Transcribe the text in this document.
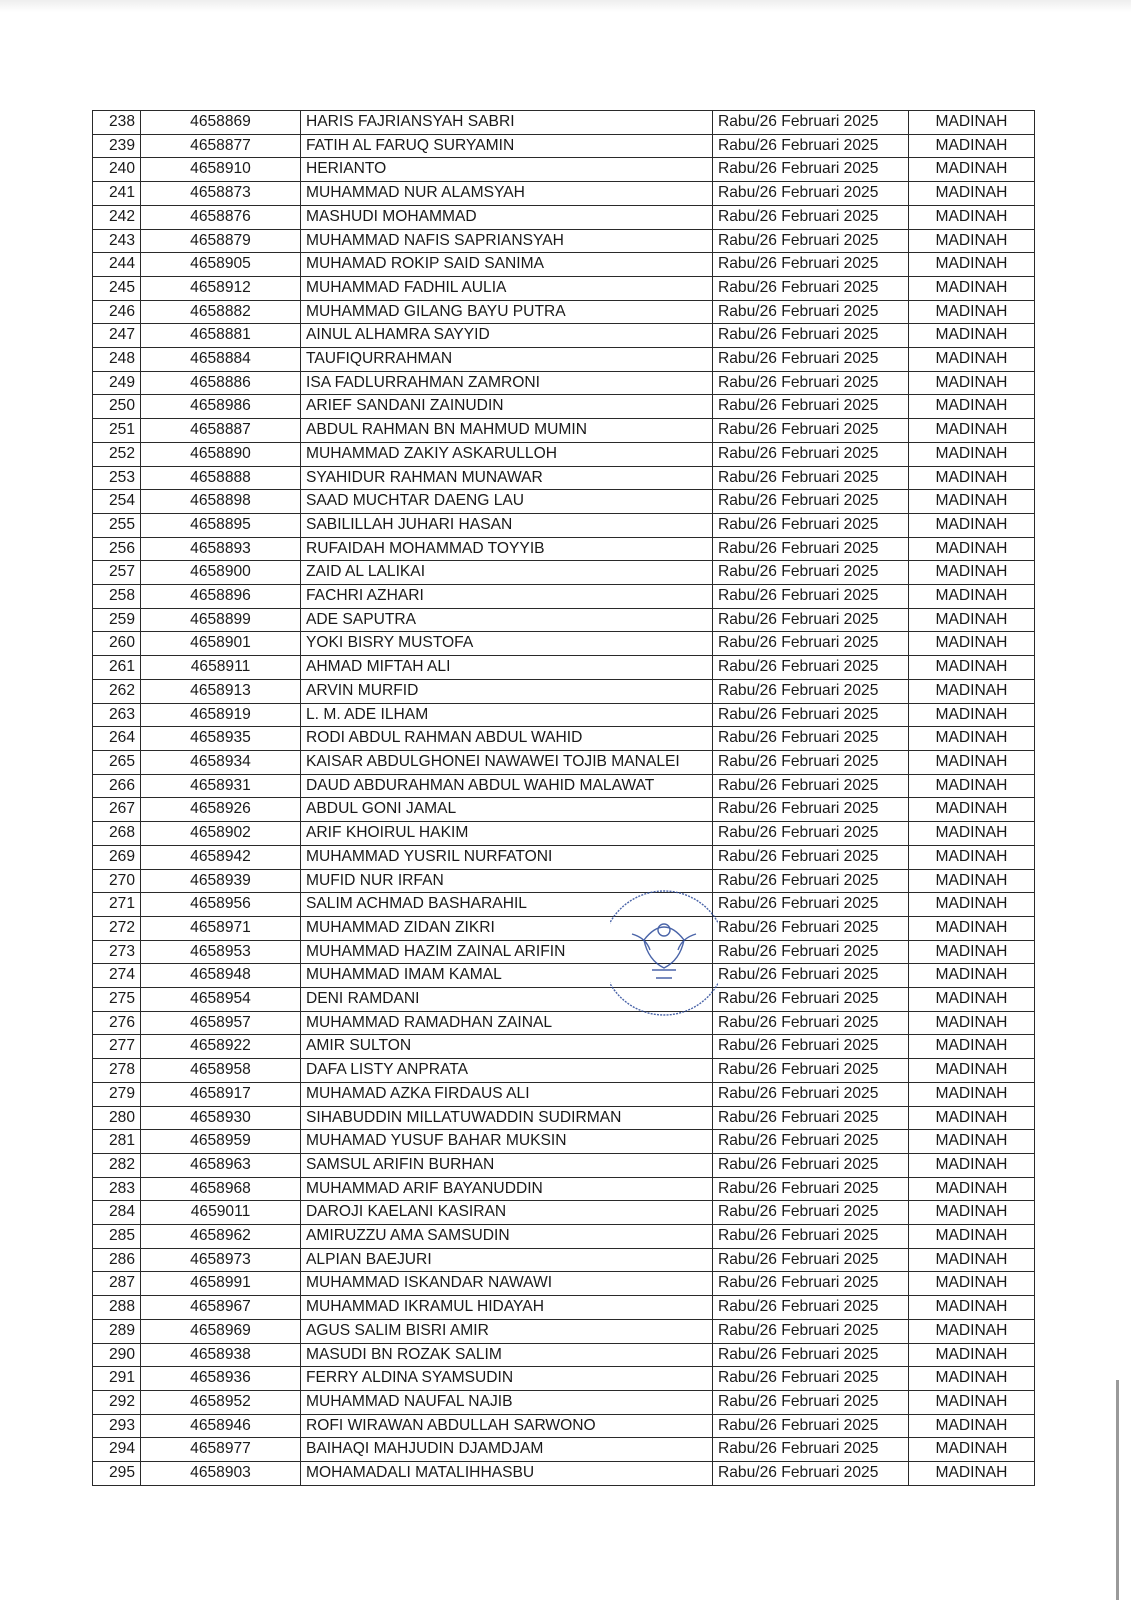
238	4658869	HARIS FAJRIANSYAH SABRI	Rabu/26 Februari 2025	MADINAH
239	4658877	FATIH AL FARUQ SURYAMIN	Rabu/26 Februari 2025	MADINAH
240	4658910	HERIANTO	Rabu/26 Februari 2025	MADINAH
241	4658873	MUHAMMAD NUR ALAMSYAH	Rabu/26 Februari 2025	MADINAH
242	4658876	MASHUDI MOHAMMAD	Rabu/26 Februari 2025	MADINAH
243	4658879	MUHAMMAD NAFIS SAPRIANSYAH	Rabu/26 Februari 2025	MADINAH
244	4658905	MUHAMAD ROKIP SAID SANIMA	Rabu/26 Februari 2025	MADINAH
245	4658912	MUHAMMAD FADHIL AULIA	Rabu/26 Februari 2025	MADINAH
246	4658882	MUHAMMAD GILANG BAYU PUTRA	Rabu/26 Februari 2025	MADINAH
247	4658881	AINUL ALHAMRA SAYYID	Rabu/26 Februari 2025	MADINAH
248	4658884	TAUFIQURRAHMAN	Rabu/26 Februari 2025	MADINAH
249	4658886	ISA FADLURRAHMAN ZAMRONI	Rabu/26 Februari 2025	MADINAH
250	4658986	ARIEF SANDANI ZAINUDIN	Rabu/26 Februari 2025	MADINAH
251	4658887	ABDUL RAHMAN BN MAHMUD MUMIN	Rabu/26 Februari 2025	MADINAH
252	4658890	MUHAMMAD ZAKIY ASKARULLOH	Rabu/26 Februari 2025	MADINAH
253	4658888	SYAHIDUR RAHMAN MUNAWAR	Rabu/26 Februari 2025	MADINAH
254	4658898	SAAD MUCHTAR DAENG LAU	Rabu/26 Februari 2025	MADINAH
255	4658895	SABILILLAH JUHARI HASAN	Rabu/26 Februari 2025	MADINAH
256	4658893	RUFAIDAH MOHAMMAD TOYYIB	Rabu/26 Februari 2025	MADINAH
257	4658900	ZAID AL LALIKAI	Rabu/26 Februari 2025	MADINAH
258	4658896	FACHRI AZHARI	Rabu/26 Februari 2025	MADINAH
259	4658899	ADE SAPUTRA	Rabu/26 Februari 2025	MADINAH
260	4658901	YOKI BISRY MUSTOFA	Rabu/26 Februari 2025	MADINAH
261	4658911	AHMAD MIFTAH ALI	Rabu/26 Februari 2025	MADINAH
262	4658913	ARVIN MURFID	Rabu/26 Februari 2025	MADINAH
263	4658919	L. M. ADE ILHAM	Rabu/26 Februari 2025	MADINAH
264	4658935	RODI ABDUL RAHMAN ABDUL WAHID	Rabu/26 Februari 2025	MADINAH
265	4658934	KAISAR ABDULGHONEI NAWAWEI TOJIB MANALEI	Rabu/26 Februari 2025	MADINAH
266	4658931	DAUD ABDURAHMAN ABDUL WAHID MALAWAT	Rabu/26 Februari 2025	MADINAH
267	4658926	ABDUL GONI JAMAL	Rabu/26 Februari 2025	MADINAH
268	4658902	ARIF KHOIRUL HAKIM	Rabu/26 Februari 2025	MADINAH
269	4658942	MUHAMMAD YUSRIL NURFATONI	Rabu/26 Februari 2025	MADINAH
270	4658939	MUFID NUR IRFAN	Rabu/26 Februari 2025	MADINAH
271	4658956	SALIM ACHMAD BASHARAHIL	Rabu/26 Februari 2025	MADINAH
272	4658971	MUHAMMAD ZIDAN ZIKRI	Rabu/26 Februari 2025	MADINAH
273	4658953	MUHAMMAD HAZIM ZAINAL ARIFIN	Rabu/26 Februari 2025	MADINAH
274	4658948	MUHAMMAD IMAM KAMAL	Rabu/26 Februari 2025	MADINAH
275	4658954	DENI RAMDANI	Rabu/26 Februari 2025	MADINAH
276	4658957	MUHAMMAD RAMADHAN ZAINAL	Rabu/26 Februari 2025	MADINAH
277	4658922	AMIR SULTON	Rabu/26 Februari 2025	MADINAH
278	4658958	DAFA LISTY ANPRATA	Rabu/26 Februari 2025	MADINAH
279	4658917	MUHAMAD AZKA FIRDAUS ALI	Rabu/26 Februari 2025	MADINAH
280	4658930	SIHABUDDIN MILLATUWADDIN SUDIRMAN	Rabu/26 Februari 2025	MADINAH
281	4658959	MUHAMAD YUSUF BAHAR MUKSIN	Rabu/26 Februari 2025	MADINAH
282	4658963	SAMSUL ARIFIN BURHAN	Rabu/26 Februari 2025	MADINAH
283	4658968	MUHAMMAD ARIF BAYANUDDIN	Rabu/26 Februari 2025	MADINAH
284	4659011	DAROJI KAELANI KASIRAN	Rabu/26 Februari 2025	MADINAH
285	4658962	AMIRUZZU AMA SAMSUDIN	Rabu/26 Februari 2025	MADINAH
286	4658973	ALPIAN BAEJURI	Rabu/26 Februari 2025	MADINAH
287	4658991	MUHAMMAD ISKANDAR NAWAWI	Rabu/26 Februari 2025	MADINAH
288	4658967	MUHAMMAD IKRAMUL HIDAYAH	Rabu/26 Februari 2025	MADINAH
289	4658969	AGUS SALIM BISRI AMIR	Rabu/26 Februari 2025	MADINAH
290	4658938	MASUDI BN ROZAK SALIM	Rabu/26 Februari 2025	MADINAH
291	4658936	FERRY ALDINA SYAMSUDIN	Rabu/26 Februari 2025	MADINAH
292	4658952	MUHAMMAD NAUFAL NAJIB	Rabu/26 Februari 2025	MADINAH
293	4658946	ROFI WIRAWAN ABDULLAH SARWONO	Rabu/26 Februari 2025	MADINAH
294	4658977	BAIHAQI MAHJUDIN DJAMDJAM	Rabu/26 Februari 2025	MADINAH
295	4658903	MOHAMADALI MATALIHHASBU	Rabu/26 Februari 2025	MADINAH
